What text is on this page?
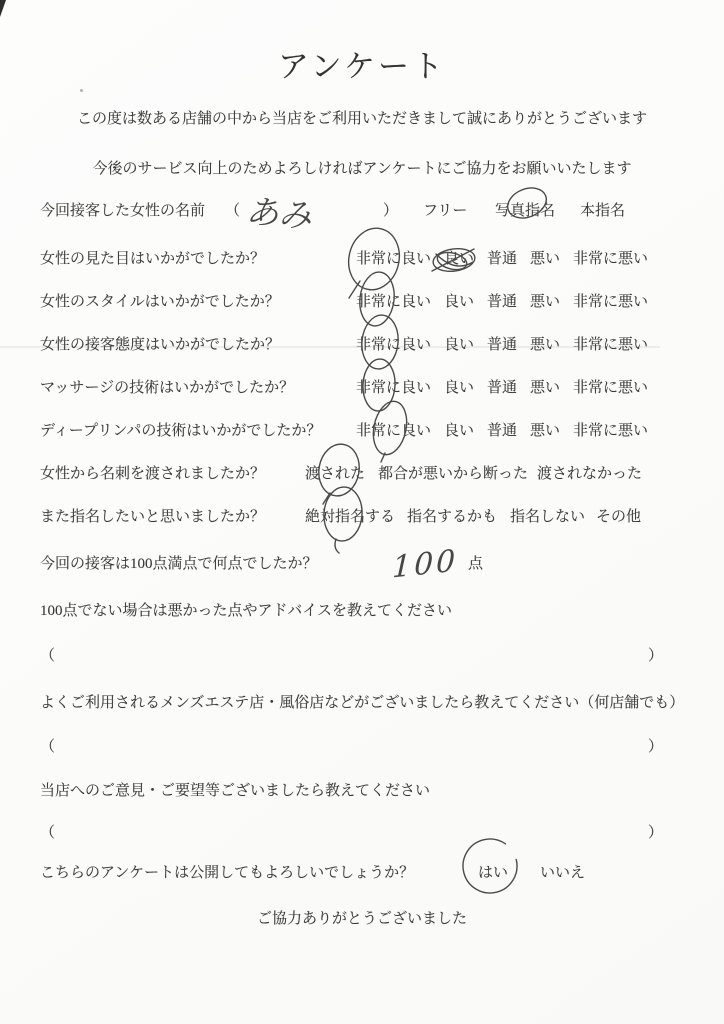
アンケート
この度は数ある店舗の中から当店をご利用いただきまして誠にありがとうございます
今後のサービス向上のためよろしければアンケートにご協力をお願いいたします
今回接客した女性の名前 （ あみ	） フリー 写真指名 本指名
女性の見た目はいかがでしたか？	非常に良い 良い 普通 悪い 非常に悪い
女性のスタイルはいかがでしたか？	非常に良い 良い 普通 悪い 非常に悪い
女性の接客態度はいかがでしたか？	非常に良い 良い 普通 悪い 非常に悪い
マッサージの技術はいかがでしたか？	非常に良い 良い 普通 悪い 非常に悪い
ディープリンパの技術はいかがでしたか？ 非常に良い 良い 普通 悪い 非常に悪い
女性から名刺を渡されましたか？	渡された 都合が悪いから断った 渡されなかった
また指名したいと思いましたか？	絶対指名する 指名するかも 指名しない その他
今回の接客は100点満点で何点でしたか？ 100 点
100点でない場合は悪かった点やアドバイスを教えてください
（	）
よくご利用されるメンズエステ店・風俗店などがございましたら教えてください（何店舗でも）
（	）
当店へのご意見・ご要望等ございましたら教えてください
（	）
こちらのアンケートは公開してもよろしいでしょうか？	はい いいえ
ご協力ありがとうございました
